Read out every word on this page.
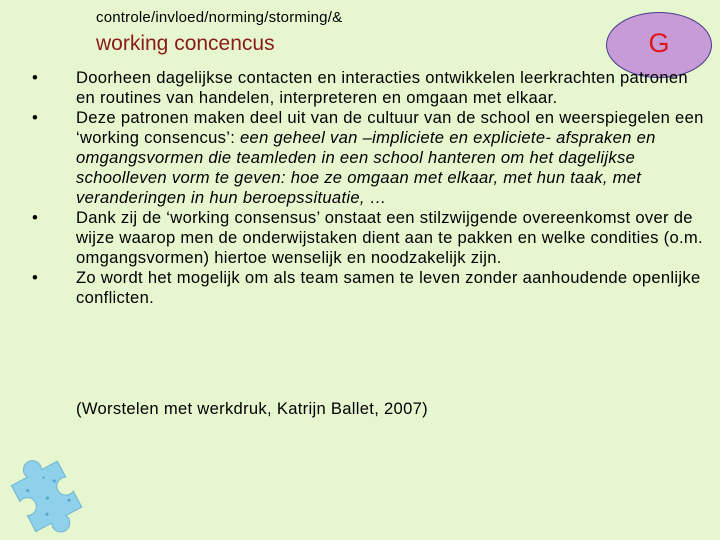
controle/invloed/norming/storming/&
working concencus	G
• Doorheen dagelijkse contacten en interacties ontwikkelen leerkrachten patronen en routines van handelen, interpreteren en omgaan met elkaar.
• Deze patronen maken deel uit van de cultuur van de school en weerspiegelen een ‘working consencus’: een geheel van –impliciete en expliciete- afspraken en omgangsvormen die teamleden in een school hanteren om het dagelijkse schoolleven vorm te geven: hoe ze omgaan met elkaar, met hun taak, met veranderingen in hun beroepssituatie, …
• Dank zij de ‘working consensus’ onstaat een stilzwijgende overeenkomst over de wijze waarop men de onderwijstaken dient aan te pakken en welke condities (o.m. omgangsvormen) hiertoe wenselijk en noodzakelijk zijn.
• Zo wordt het mogelijk om als team samen te leven zonder aanhoudende openlijke conflicten.
(Worstelen met werkdruk, Katrijn Ballet, 2007)
